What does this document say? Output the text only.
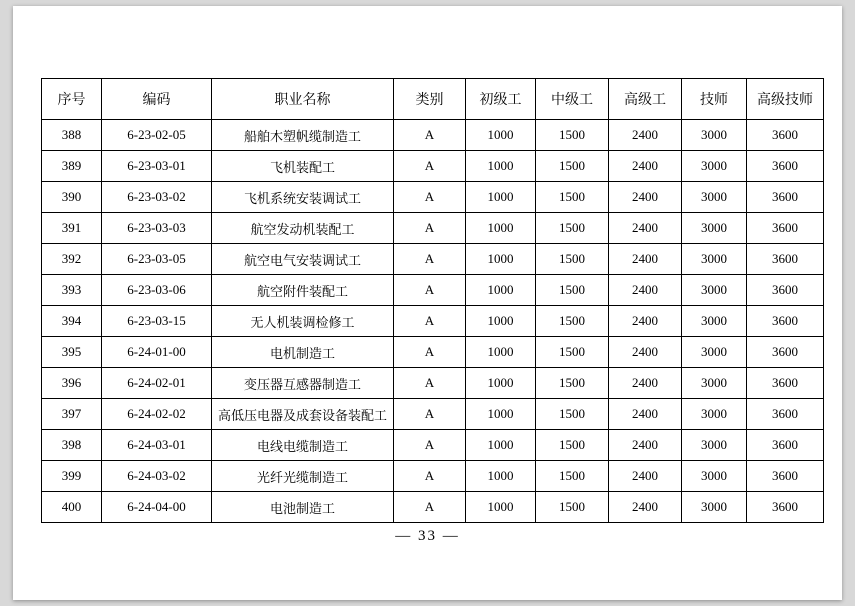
序号	编码	职业名称	类别	初级工	中级工	高级工	技师	高级技师
388	6-23-02-05	船舶木塑帆缆制造工	A	1000	1500	2400	3000	3600
389	6-23-03-01	飞机装配工	A	1000	1500	2400	3000	3600
390	6-23-03-02	飞机系统安装调试工	A	1000	1500	2400	3000	3600
391	6-23-03-03	航空发动机装配工	A	1000	1500	2400	3000	3600
392	6-23-03-05	航空电气安装调试工	A	1000	1500	2400	3000	3600
393	6-23-03-06	航空附件装配工	A	1000	1500	2400	3000	3600
394	6-23-03-15	无人机装调检修工	A	1000	1500	2400	3000	3600
395	6-24-01-00	电机制造工	A	1000	1500	2400	3000	3600
396	6-24-02-01	变压器互感器制造工	A	1000	1500	2400	3000	3600
397	6-24-02-02	高低压电器及成套设备装配工	A	1000	1500	2400	3000	3600
398	6-24-03-01	电线电缆制造工	A	1000	1500	2400	3000	3600
399	6-24-03-02	光纤光缆制造工	A	1000	1500	2400	3000	3600
400	6-24-04-00	电池制造工	A	1000	1500	2400	3000	3600
— 33 —
